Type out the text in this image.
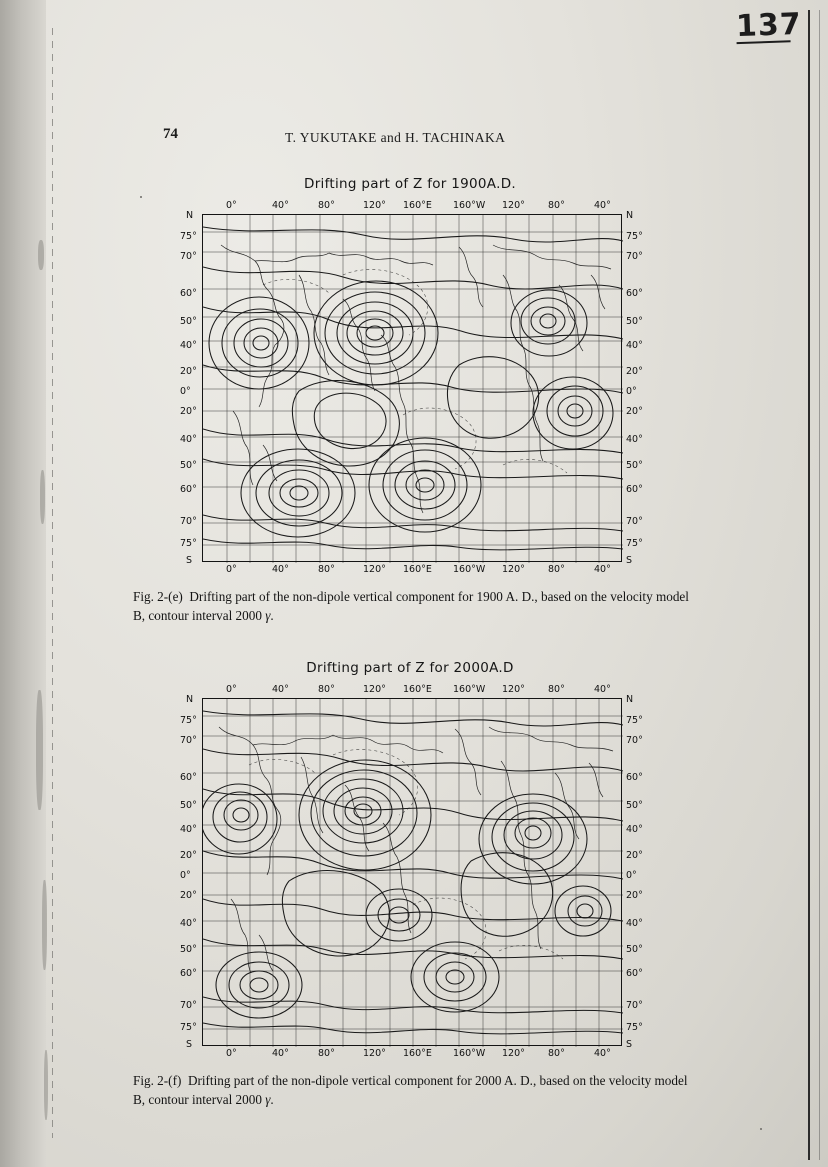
137
74	T. YUKUTAKE and H. TACHINAKA
Drifting part of Z for 1900A.D.
0°	40°	80°	120° 160°E 160°W 120° 80°	40°
0°	40°	80°	120° 160°E 160°W 120° 80°	40°
N
75°
70°
60°
50°
40°
20°
0°
20°
40°
50°
60°
70°
75°
S
N
75°
70°
60°
50°
40°
20°
0°
20°
40°
50°
60°
70°
75°
S
Fig. 2-(e) Drifting part of the non-dipole vertical component for 1900 A. D., based on the velocity model B, contour interval 2000 γ.
Drifting part of Z for 2000A.D
0°	40°	80°	120° 160°E 160°W 120° 80°	40°
0°	40°	80°	120° 160°E 160°W 120° 80°	40°
N
75°
70°
60°
50°
40°
20°
0°
20°
40°
50°
60°
70°
75°
S
N
75°
70°
60°
50°
40°
20°
0°
20°
40°
50°
60°
70°
75°
S
Fig. 2-(f) Drifting part of the non-dipole vertical component for 2000 A. D., based on the velocity model B, contour interval 2000 γ.
